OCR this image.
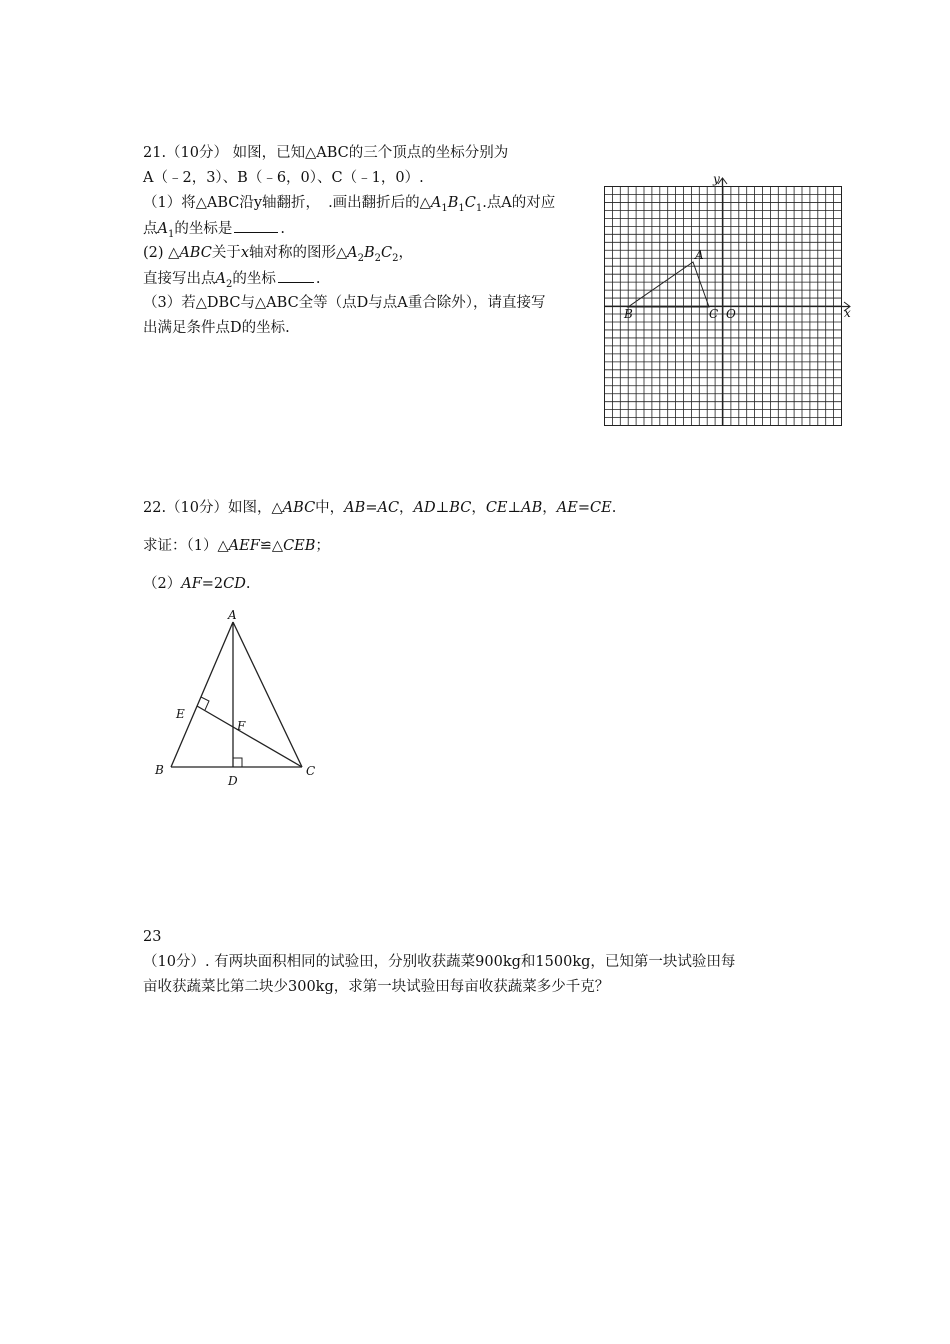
21.（10分） 如图，已知△ABC的三个顶点的坐标分别为
A（﹣2，3）、B（﹣6，0）、C（﹣1，0）.
（1）将△ABC沿y轴翻折， .画出翻折后的$\triangle A_1B_1C_1$.点A的对应
点$A_1$的坐标是	.
(2) △ABC关于x轴对称的图形$\triangle A_2B_2C_2$，
直接写出点$A_2$的坐标	.
（3）若△DBC与△ABC全等（点D与点A重合除外），请直接写
出满足条件点D的坐标.
y
x
O
A
B	C
22.（10分）如图，△ABC中，AB=AC，AD⊥BC，CE⊥AB，AE=CE.
求证：（1）△AEF≌△CEB；
（2）AF=2CD.
A
B	C
D
E
F
23
（10分）. 有两块面积相同的试验田，分别收获蔬菜900kg和1500kg，已知第一块试验田每
亩收获蔬菜比第二块少300kg，求第一块试验田每亩收获蔬菜多少千克？
